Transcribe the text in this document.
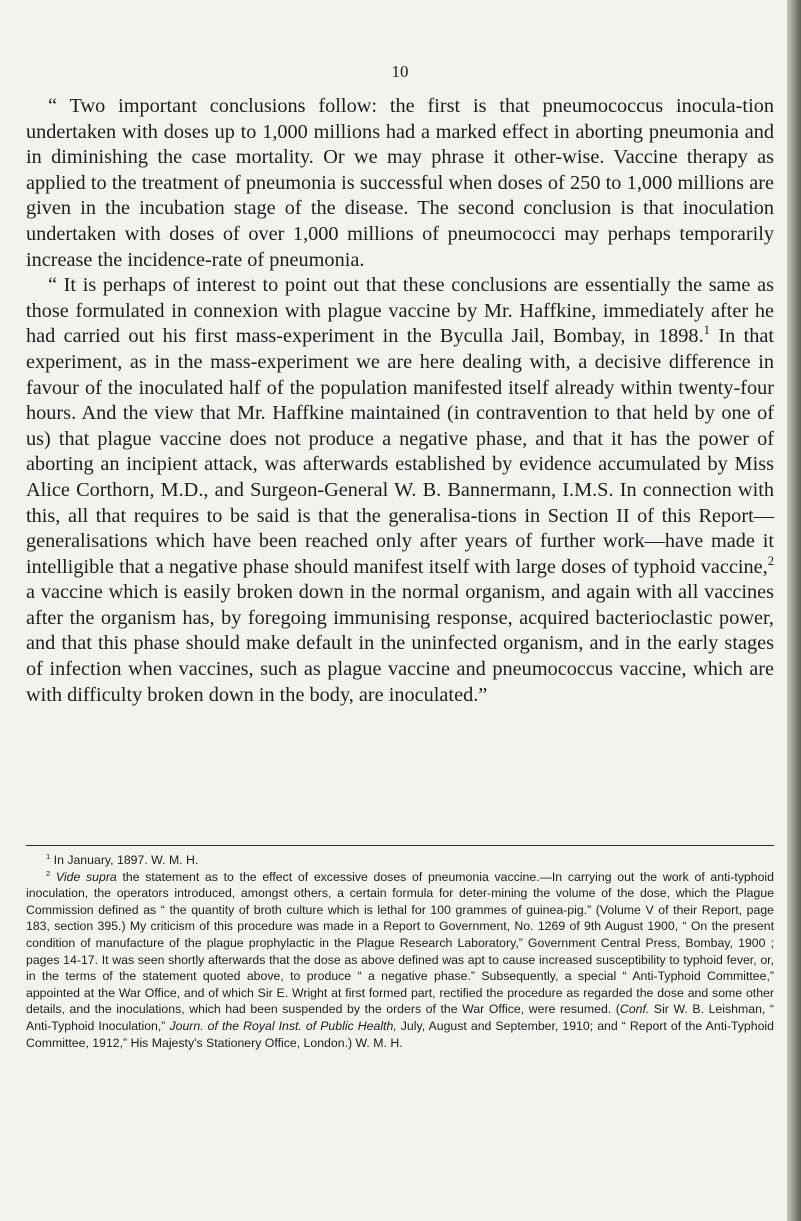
10

“ Two important conclusions follow: the first is that pneumococcus inocula-tion undertaken with doses up to 1,000 millions had a marked effect in aborting pneumonia and in diminishing the case mortality. Or we may phrase it other-wise. Vaccine therapy as applied to the treatment of pneumonia is successful when doses of 250 to 1,000 millions are given in the incubation stage of the disease. The second conclusion is that inoculation undertaken with doses of over 1,000 millions of pneumococci may perhaps temporarily increase the incidence-rate of pneumonia.

“ It is perhaps of interest to point out that these conclusions are essentially the same as those formulated in connexion with plague vaccine by Mr. Haffkine, immediately after he had carried out his first mass-experiment in the Byculla Jail, Bombay, in 1898.$^1$ In that experiment, as in the mass-experiment we are here dealing with, a decisive difference in favour of the inoculated half of the population manifested itself already within twenty-four hours. And the view that Mr. Haffkine maintained (in contravention to that held by one of us) that plague vaccine does not produce a negative phase, and that it has the power of aborting an incipient attack, was afterwards established by evidence accumulated by Miss Alice Corthorn, M.D., and Surgeon-General W. B. Bannermann, I.M.S. In connection with this, all that requires to be said is that the generalisa-tions in Section II of this Report—generalisations which have been reached only after years of further work—have made it intelligible that a negative phase should manifest itself with large doses of typhoid vaccine,$^2$ a vaccine which is easily broken down in the normal organism, and again with all vaccines after the organism has, by foregoing immunising response, acquired bacterioclastic power, and that this phase should make default in the uninfected organism, and in the early stages of infection when vaccines, such as plague vaccine and pneumococcus vaccine, which are with difficulty broken down in the body, are inoculated.”

$^1$ In January, 1897. W. M. H.

$^2$ Vide supra the statement as to the effect of excessive doses of pneumonia vaccine.—In carrying out the work of anti-typhoid inoculation, the operators introduced, amongst others, a certain formula for deter-mining the volume of the dose, which the Plague Commission defined as “ the quantity of broth culture which is lethal for 100 grammes of guinea-pig.” (Volume V of their Report, page 183, section 395.) My criticism of this procedure was made in a Report to Government, No. 1269 of 9th August 1900, “ On the present condition of manufacture of the plague prophylactic in the Plague Research Laboratory,” Government Central Press, Bombay, 1900 ; pages 14-17. It was seen shortly afterwards that the dose as above defined was apt to cause increased susceptibility to typhoid fever, or, in the terms of the statement quoted above, to produce “ a negative phase.” Subsequently, a special “ Anti-Typhoid Committee,” appointed at the War Office, and of which Sir E. Wright at first formed part, rectified the procedure as regarded the dose and some other details, and the inoculations, which had been suspended by the orders of the War Office, were resumed. (Conf. Sir W. B. Leishman, “ Anti-Typhoid Inoculation,” Journ. of the Royal Inst. of Public Health, July, August and September, 1910; and “ Report of the Anti-Typhoid Committee, 1912,” His Majesty's Stationery Office, London.) W. M. H.
